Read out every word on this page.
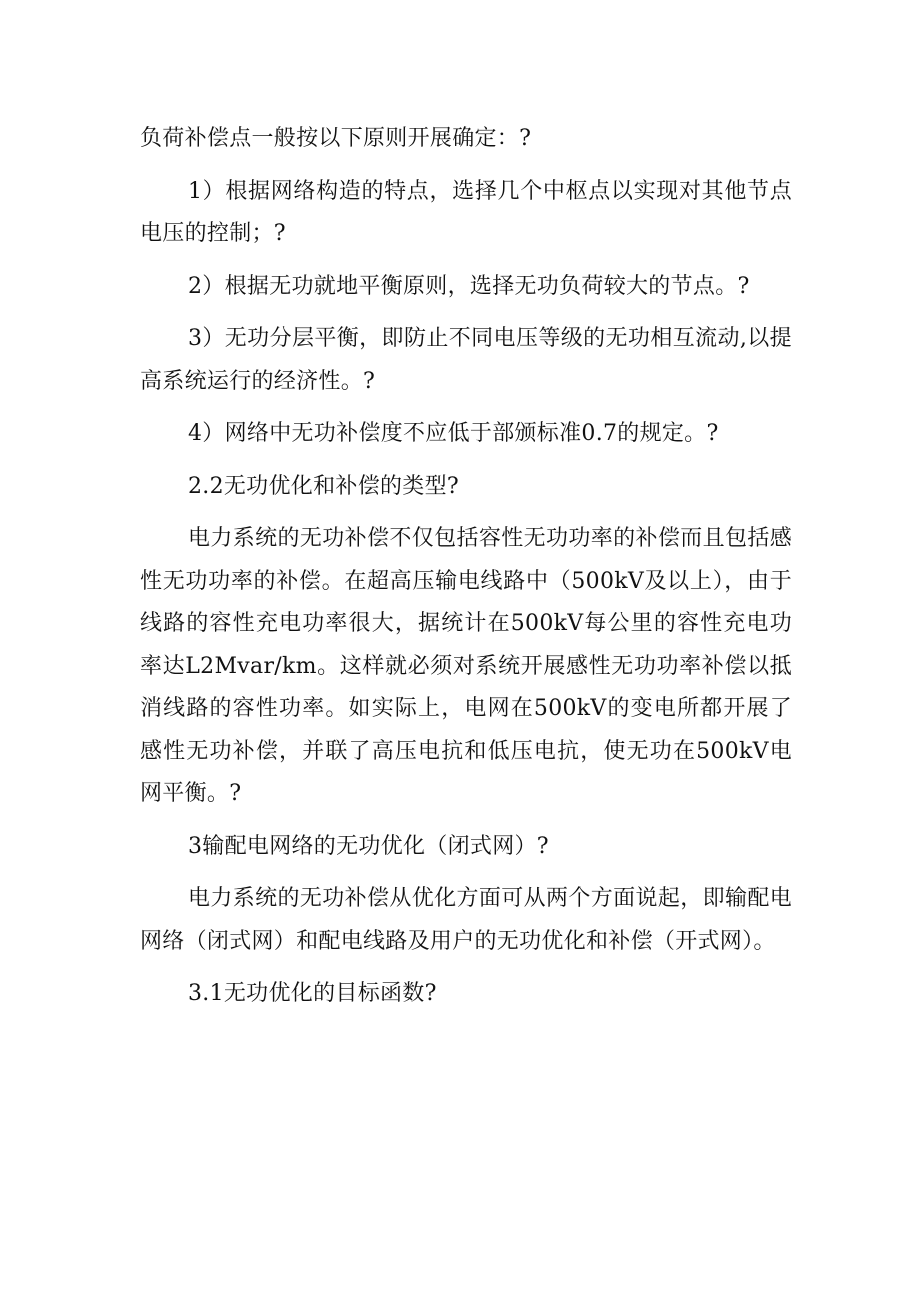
负荷补偿点一般按以下原则开展确定：?

1）根据网络构造的特点，选择几个中枢点以实现对其他节点电压的控制；?

2）根据无功就地平衡原则，选择无功负荷较大的节点。?

3）无功分层平衡，即防止不同电压等级的无功相互流动,以提高系统运行的经济性。?

4）网络中无功补偿度不应低于部颁标准0.7的规定。?

2.2无功优化和补偿的类型?

电力系统的无功补偿不仅包括容性无功功率的补偿而且包括感性无功功率的补偿。在超高压输电线路中（500kV及以上），由于线路的容性充电功率很大，据统计在500kV每公里的容性充电功率达L2Mvar/km。这样就必须对系统开展感性无功功率补偿以抵消线路的容性功率。如实际上，电网在500kV的变电所都开展了感性无功补偿，并联了高压电抗和低压电抗，使无功在500kV电网平衡。?

3输配电网络的无功优化（闭式网）?

电力系统的无功补偿从优化方面可从两个方面说起，即输配电网络（闭式网）和配电线路及用户的无功优化和补偿（开式网）。

3.1无功优化的目标函数?
